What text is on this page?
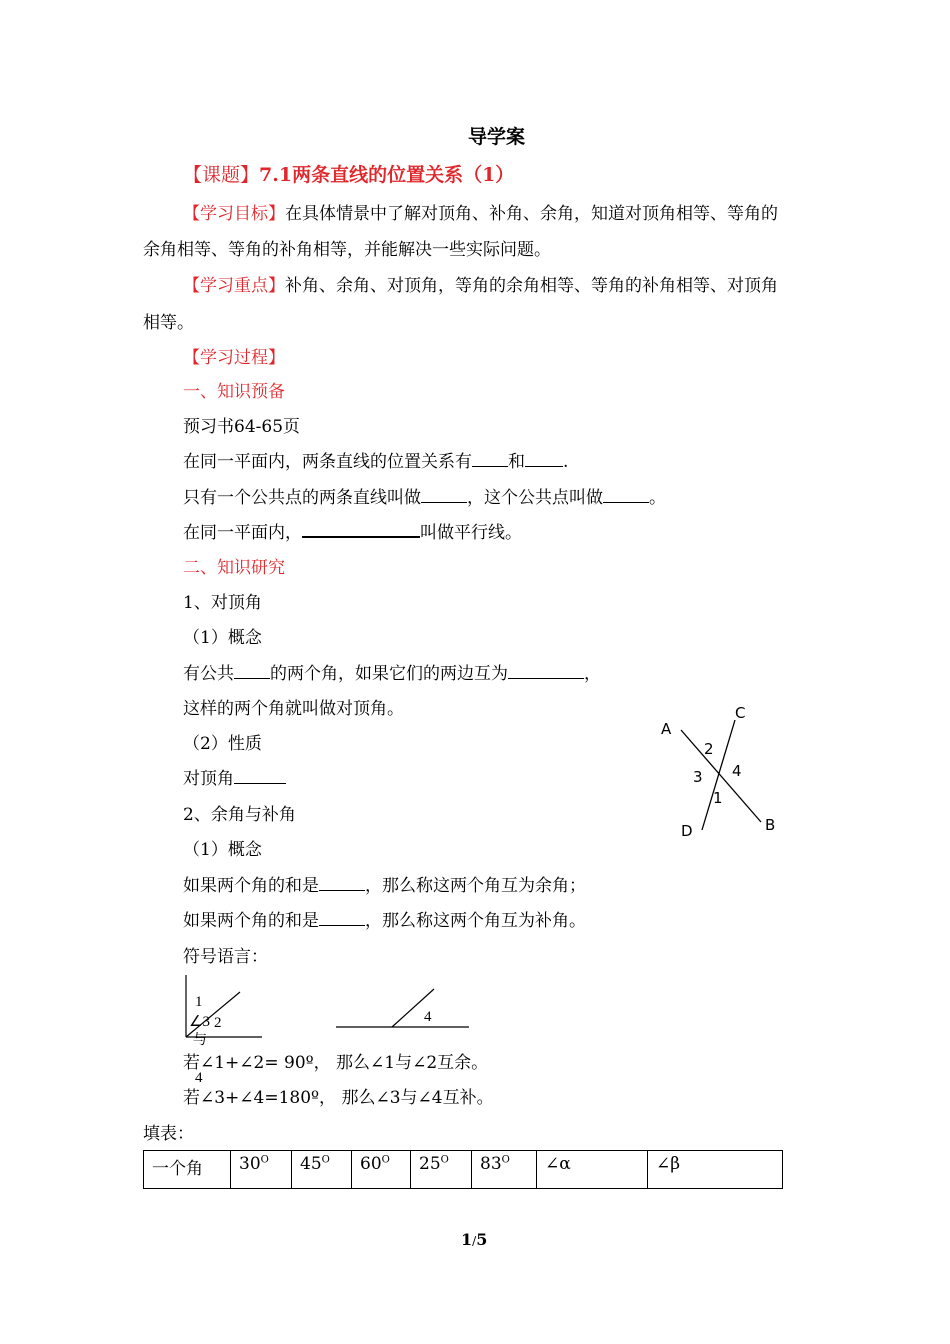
导学案
【课题】7.1两条直线的位置关系（1）
【学习目标】在具体情景中了解对顶角、补角、余角，知道对顶角相等、等角的
余角相等、等角的补角相等，并能解决一些实际问题。
【学习重点】补角、余角、对顶角，等角的余角相等、等角的补角相等、对顶角
相等。
【学习过程】
一、知识预备
预习书64-65页
在同一平面内，两条直线的位置关系有 和 .
只有一个公共点的两条直线叫做	，这个公共点叫做	。
在同一平面内，	叫做平行线。
二、知识研究
1、对顶角
（1）概念
有公共 的两个角，如果它们的两边互为	，
这样的两个角就叫做对顶角。
（2）性质
对顶角
2、余角与补角
（1）概念
如果两个角的和是	，那么称这两个角互为余角；
如果两个角的和是	，那么称这两个角互为补角。
符号语言：
A
C
2
3 4
1
D	B
1
∠3 2
与
4
4
若∠1+∠2= 90º， 那么∠1与∠2互余。
若∠3+∠4=180º， 那么∠3与∠4互补。
填表：
一个角	$30^O$	$45^O$	$60^O$	$25^O$	$83^O$	∠α	∠β
1/5
